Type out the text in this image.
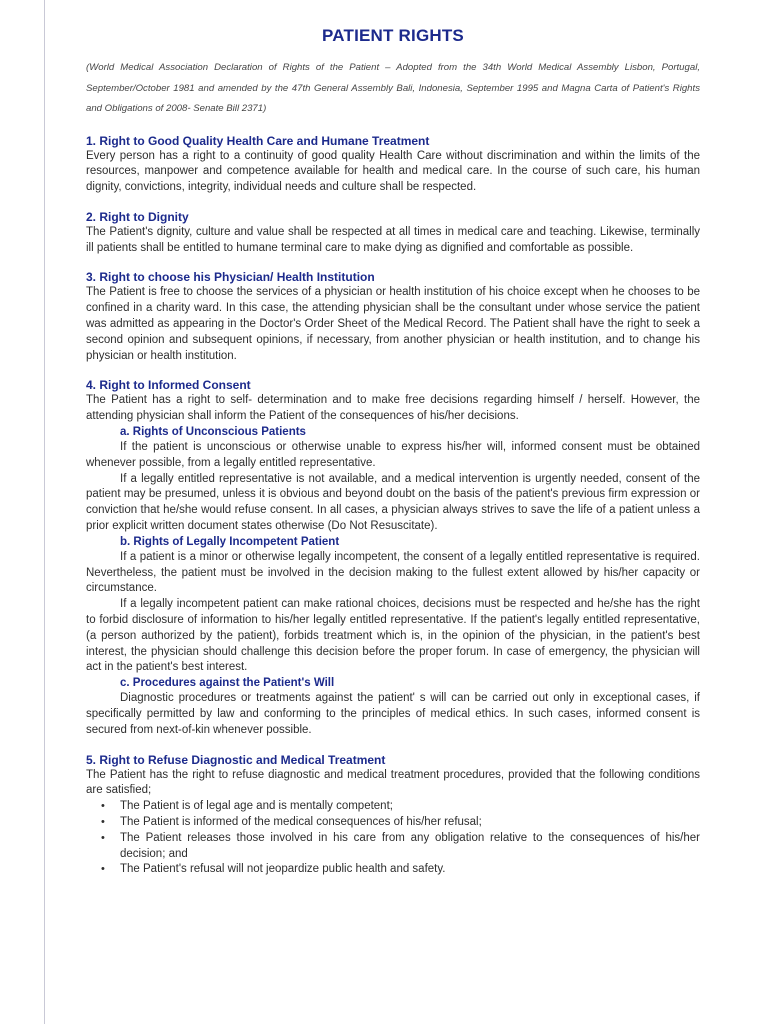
PATIENT RIGHTS

(World Medical Association Declaration of Rights of the Patient – Adopted from the 34th World Medical Assembly Lisbon, Portugal, September/October 1981 and amended by the 47th General Assembly Bali, Indonesia, September 1995 and Magna Carta of Patient's Rights and Obligations of 2008- Senate Bill 2371)

1. Right to Good Quality Health Care and Humane Treatment

Every person has a right to a continuity of good quality Health Care without discrimination and within the limits of the resources, manpower and competence available for health and medical care. In the course of such care, his human dignity, convictions, integrity, individual needs and culture shall be respected.

2. Right to Dignity

The Patient's dignity, culture and value shall be respected at all times in medical care and teaching. Likewise, terminally ill patients shall be entitled to humane terminal care to make dying as dignified and comfortable as possible.

3. Right to choose his Physician/ Health Institution

The Patient is free to choose the services of a physician or health institution of his choice except when he chooses to be confined in a charity ward. In this case, the attending physician shall be the consultant under whose service the patient was admitted as appearing in the Doctor's Order Sheet of the Medical Record. The Patient shall have the right to seek a second opinion and subsequent opinions, if necessary, from another physician or health institution, and to change his physician or health institution.

4. Right to Informed Consent

The Patient has a right to self- determination and to make free decisions regarding himself / herself. However, the attending physician shall inform the Patient of the consequences of his/her decisions.

a. Rights of Unconscious Patients

If the patient is unconscious or otherwise unable to express his/her will, informed consent must be obtained whenever possible, from a legally entitled representative.

If a legally entitled representative is not available, and a medical intervention is urgently needed, consent of the patient may be presumed, unless it is obvious and beyond doubt on the basis of the patient's previous firm expression or conviction that he/she would refuse consent. In all cases, a physician always strives to save the life of a patient unless a prior explicit written document states otherwise (Do Not Resuscitate).

b. Rights of Legally Incompetent Patient

If a patient is a minor or otherwise legally incompetent, the consent of a legally entitled representative is required. Nevertheless, the patient must be involved in the decision making to the fullest extent allowed by his/her capacity or circumstance.

If a legally incompetent patient can make rational choices, decisions must be respected and he/she has the right to forbid disclosure of information to his/her legally entitled representative. If the patient's legally entitled representative, (a person authorized by the patient), forbids treatment which is, in the opinion of the physician, in the patient's best interest, the physician should challenge this decision before the proper forum. In case of emergency, the physician will act in the patient's best interest.

c. Procedures against the Patient's Will

Diagnostic procedures or treatments against the patient' s will can be carried out only in exceptional cases, if specifically permitted by law and conforming to the principles of medical ethics. In such cases, informed consent is secured from next-of-kin whenever possible.

5. Right to Refuse Diagnostic and Medical Treatment

The Patient has the right to refuse diagnostic and medical treatment procedures, provided that the following conditions are satisfied;

• The Patient is of legal age and is mentally competent;
• The Patient is informed of the medical consequences of his/her refusal;
• The Patient releases those involved in his care from any obligation relative to the consequences of his/her decision; and
• The Patient's refusal will not jeopardize public health and safety.
